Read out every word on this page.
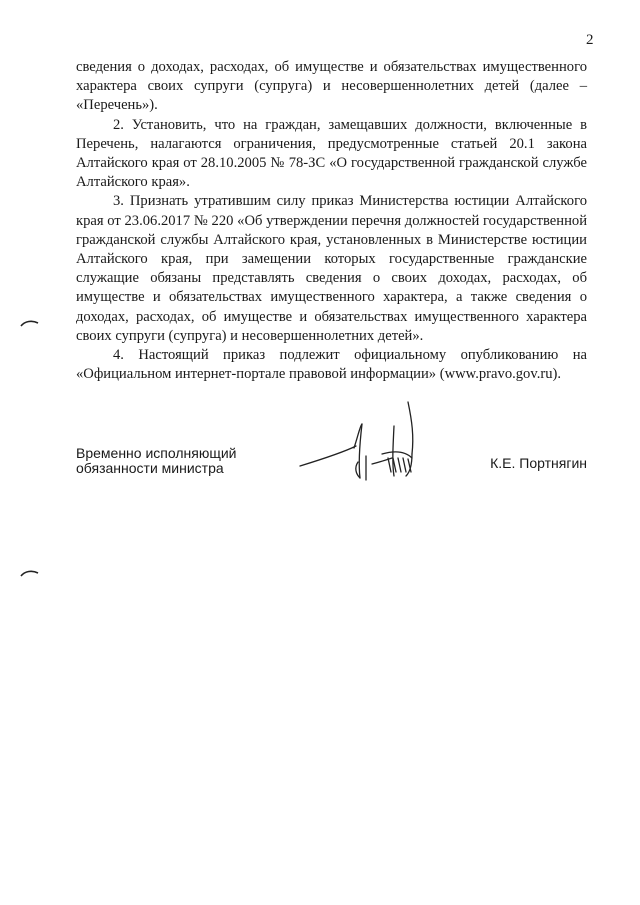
2

сведения о доходах, расходах, об имуществе и обязательствах имущественного характера своих супруги (супруга) и несовершеннолетних детей (далее – «Перечень»).

2. Установить, что на граждан, замещавших должности, включенные в Перечень, налагаются ограничения, предусмотренные статьей 20.1 закона Алтайского края от 28.10.2005 № 78-ЗС «О государственной гражданской службе Алтайского края».

3. Признать утратившим силу приказ Министерства юстиции Алтайского края от 23.06.2017 № 220 «Об утверждении перечня должностей государственной гражданской службы Алтайского края, установленных в Министерстве юстиции Алтайского края, при замещении которых государственные гражданские служащие обязаны представлять сведения о своих доходах, расходах, об имуществе и обязательствах имущественного характера, а также сведения о доходах, расходах, об имуществе и обязательствах имущественного характера своих супруги (супруга) и несовершеннолетних детей».

4. Настоящий приказ подлежит официальному опубликованию на «Официальном интернет-портале правовой информации» (www.pravo.gov.ru).

Временно исполняющий
обязанности министра	К.Е. Портнягин
